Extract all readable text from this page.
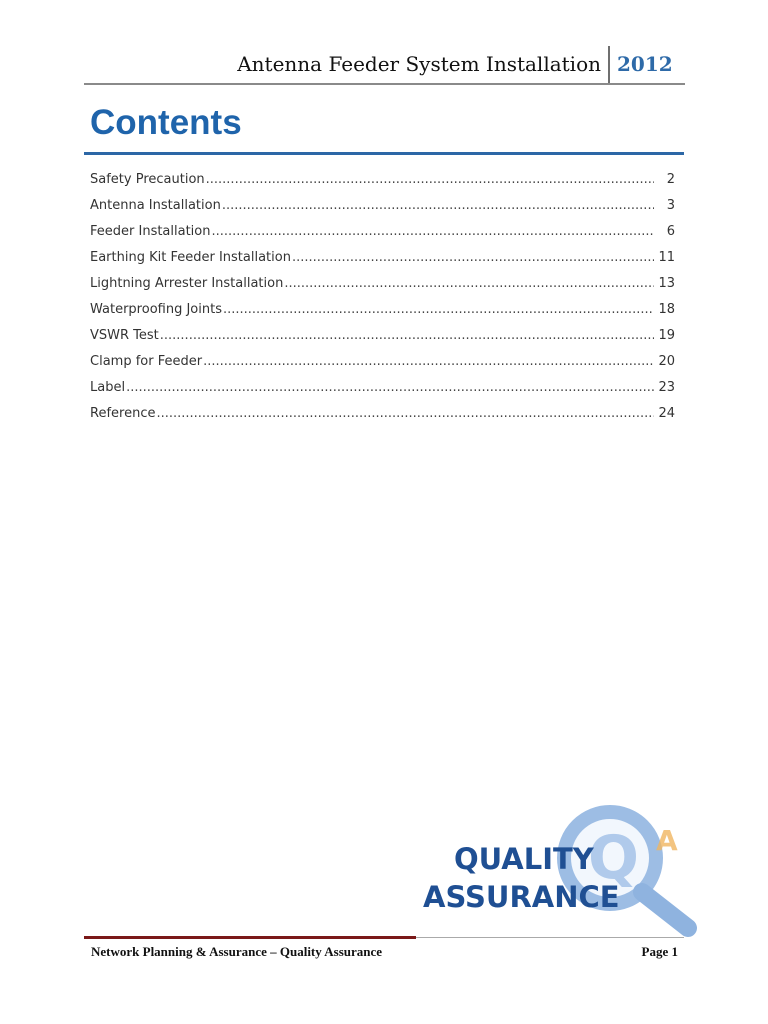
Antenna Feeder System Installation 2012
Contents
Safety Precaution .....	2
Antenna Installation .....	3
Feeder Installation .....	6
Earthing Kit Feeder Installation .....	11
Lightning Arrester Installation .....	13
Waterproofing Joints .....	18
VSWR Test .....	19
Clamp for Feeder .....	20
Label .....	23
Reference .....	24
Q A
QUALITY
ASSURANCE
Network Planning & Assurance – Quality Assurance	Page 1
